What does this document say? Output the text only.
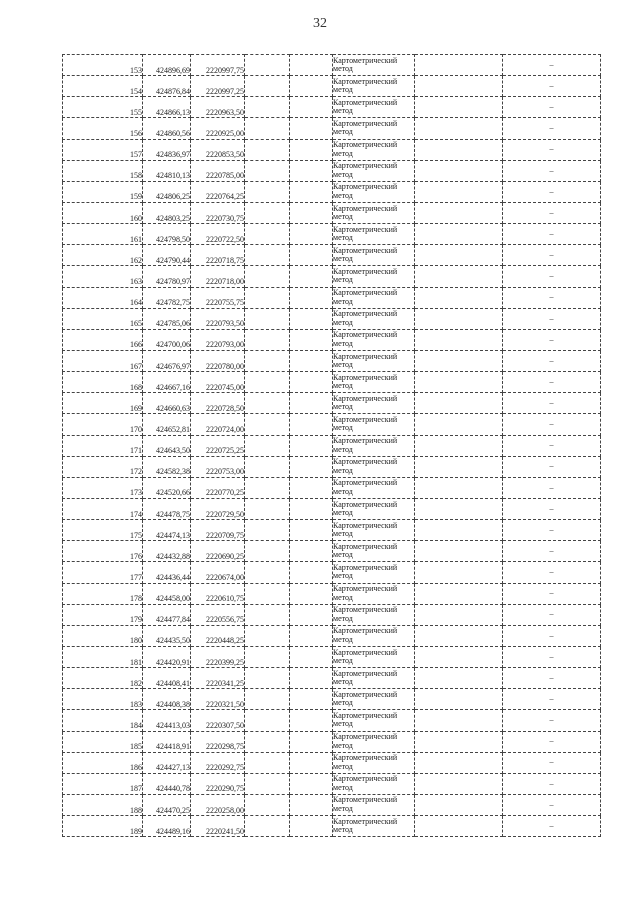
32
153	424896,69	2220997,75			Картометрический
метод		–
154	424876,84	2220997,25			Картометрический
метод		–
155	424866,13	2220963,50			Картометрический
метод		–
156	424860,56	2220925,00			Картометрический
метод		–
157	424836,97	2220853,50			Картометрический
метод		–
158	424810,13	2220785,00			Картометрический
метод		–
159	424806,25	2220764,25			Картометрический
метод		–
160	424803,25	2220730,75			Картометрический
метод		–
161	424798,50	2220722,50			Картометрический
метод		–
162	424790,44	2220718,75			Картометрический
метод		–
163	424780,97	2220718,00			Картометрический
метод		–
164	424782,75	2220755,75			Картометрический
метод		–
165	424785,06	2220793,50			Картометрический
метод		–
166	424700,06	2220793,00			Картометрический
метод		–
167	424676,97	2220780,00			Картометрический
метод		–
168	424667,16	2220745,00			Картометрический
метод		–
169	424660,63	2220728,50			Картометрический
метод		–
170	424652,81	2220724,00			Картометрический
метод		–
171	424643,50	2220725,25			Картометрический
метод		–
172	424582,38	2220753,00			Картометрический
метод		–
173	424520,66	2220770,25			Картометрический
метод		–
174	424478,75	2220729,50			Картометрический
метод		–
175	424474,13	2220709,75			Картометрический
метод		–
176	424432,88	2220690,25			Картометрический
метод		–
177	424436,44	2220674,00			Картометрический
метод		–
178	424458,00	2220610,75			Картометрический
метод		–
179	424477,84	2220556,75			Картометрический
метод		–
180	424435,50	2220448,25			Картометрический
метод		–
181	424420,91	2220399,25			Картометрический
метод		–
182	424408,41	2220341,25			Картометрический
метод		–
183	424408,38	2220321,50			Картометрический
метод		–
184	424413,03	2220307,50			Картометрический
метод		–
185	424418,91	2220298,75			Картометрический
метод		–
186	424427,13	2220292,75			Картометрический
метод		–
187	424440,78	2220290,75			Картометрический
метод		–
188	424470,25	2220258,00			Картометрический
метод		–
189	424489,16	2220241,50			Картометрический
метод		–
